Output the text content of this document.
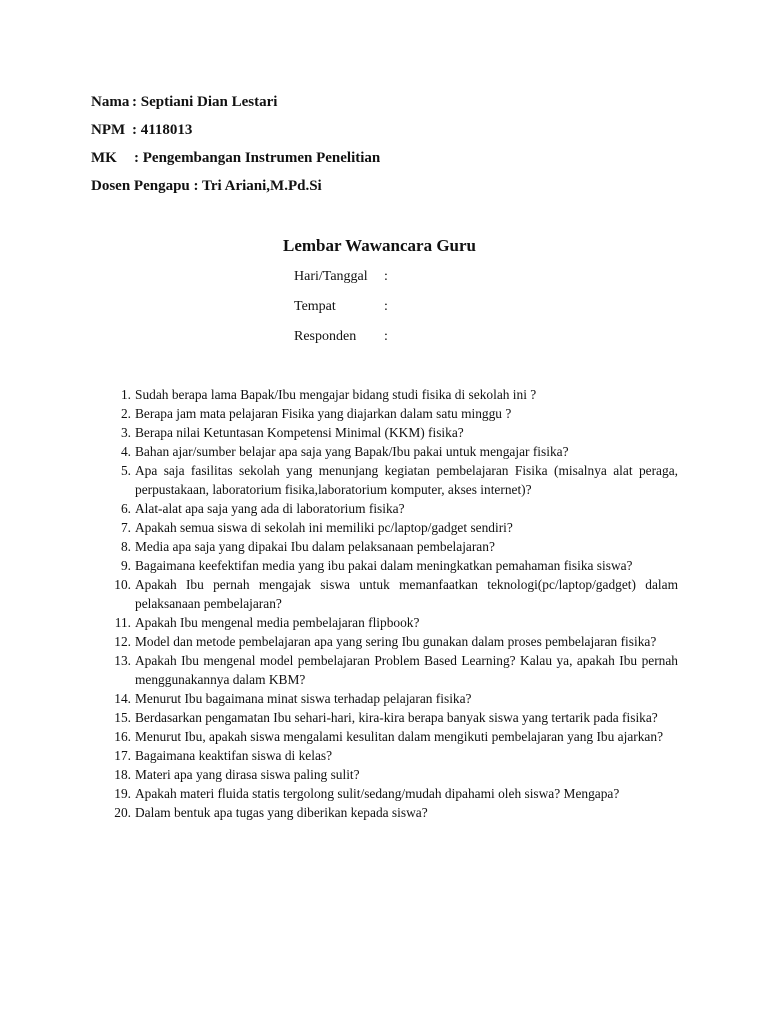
Nama : Septiani Dian Lestari
NPM : 4118013
MK : Pengembangan Instrumen Penelitian
Dosen Pengapu : Tri Ariani,M.Pd.Si
Lembar Wawancara Guru
Hari/Tanggal :
Tempat	:
Responden :
1. Sudah berapa lama Bapak/Ibu mengajar bidang studi fisika di sekolah ini ?
2. Berapa jam mata pelajaran Fisika yang diajarkan dalam satu minggu ?
3. Berapa nilai Ketuntasan Kompetensi Minimal (KKM) fisika?
4. Bahan ajar/sumber belajar apa saja yang Bapak/Ibu pakai untuk mengajar fisika?
5. Apa saja fasilitas sekolah yang menunjang kegiatan pembelajaran Fisika (misalnya alat peraga, perpustakaan, laboratorium fisika,laboratorium komputer, akses internet)?
6. Alat-alat apa saja yang ada di laboratorium fisika?
7. Apakah semua siswa di sekolah ini memiliki pc/laptop/gadget sendiri?
8. Media apa saja yang dipakai Ibu dalam pelaksanaan pembelajaran?
9. Bagaimana keefektifan media yang ibu pakai dalam meningkatkan pemahaman fisika siswa?
10. Apakah Ibu pernah mengajak siswa untuk memanfaatkan teknologi(pc/laptop/gadget) dalam pelaksanaan pembelajaran?
11. Apakah Ibu mengenal media pembelajaran flipbook?
12. Model dan metode pembelajaran apa yang sering Ibu gunakan dalam proses pembelajaran fisika?
13. Apakah Ibu mengenal model pembelajaran Problem Based Learning? Kalau ya, apakah Ibu pernah menggunakannya dalam KBM?
14. Menurut Ibu bagaimana minat siswa terhadap pelajaran fisika?
15. Berdasarkan pengamatan Ibu sehari-hari, kira-kira berapa banyak siswa yang tertarik pada fisika?
16. Menurut Ibu, apakah siswa mengalami kesulitan dalam mengikuti pembelajaran yang Ibu ajarkan?
17. Bagaimana keaktifan siswa di kelas?
18. Materi apa yang dirasa siswa paling sulit?
19. Apakah materi fluida statis tergolong sulit/sedang/mudah dipahami oleh siswa? Mengapa?
20. Dalam bentuk apa tugas yang diberikan kepada siswa?
